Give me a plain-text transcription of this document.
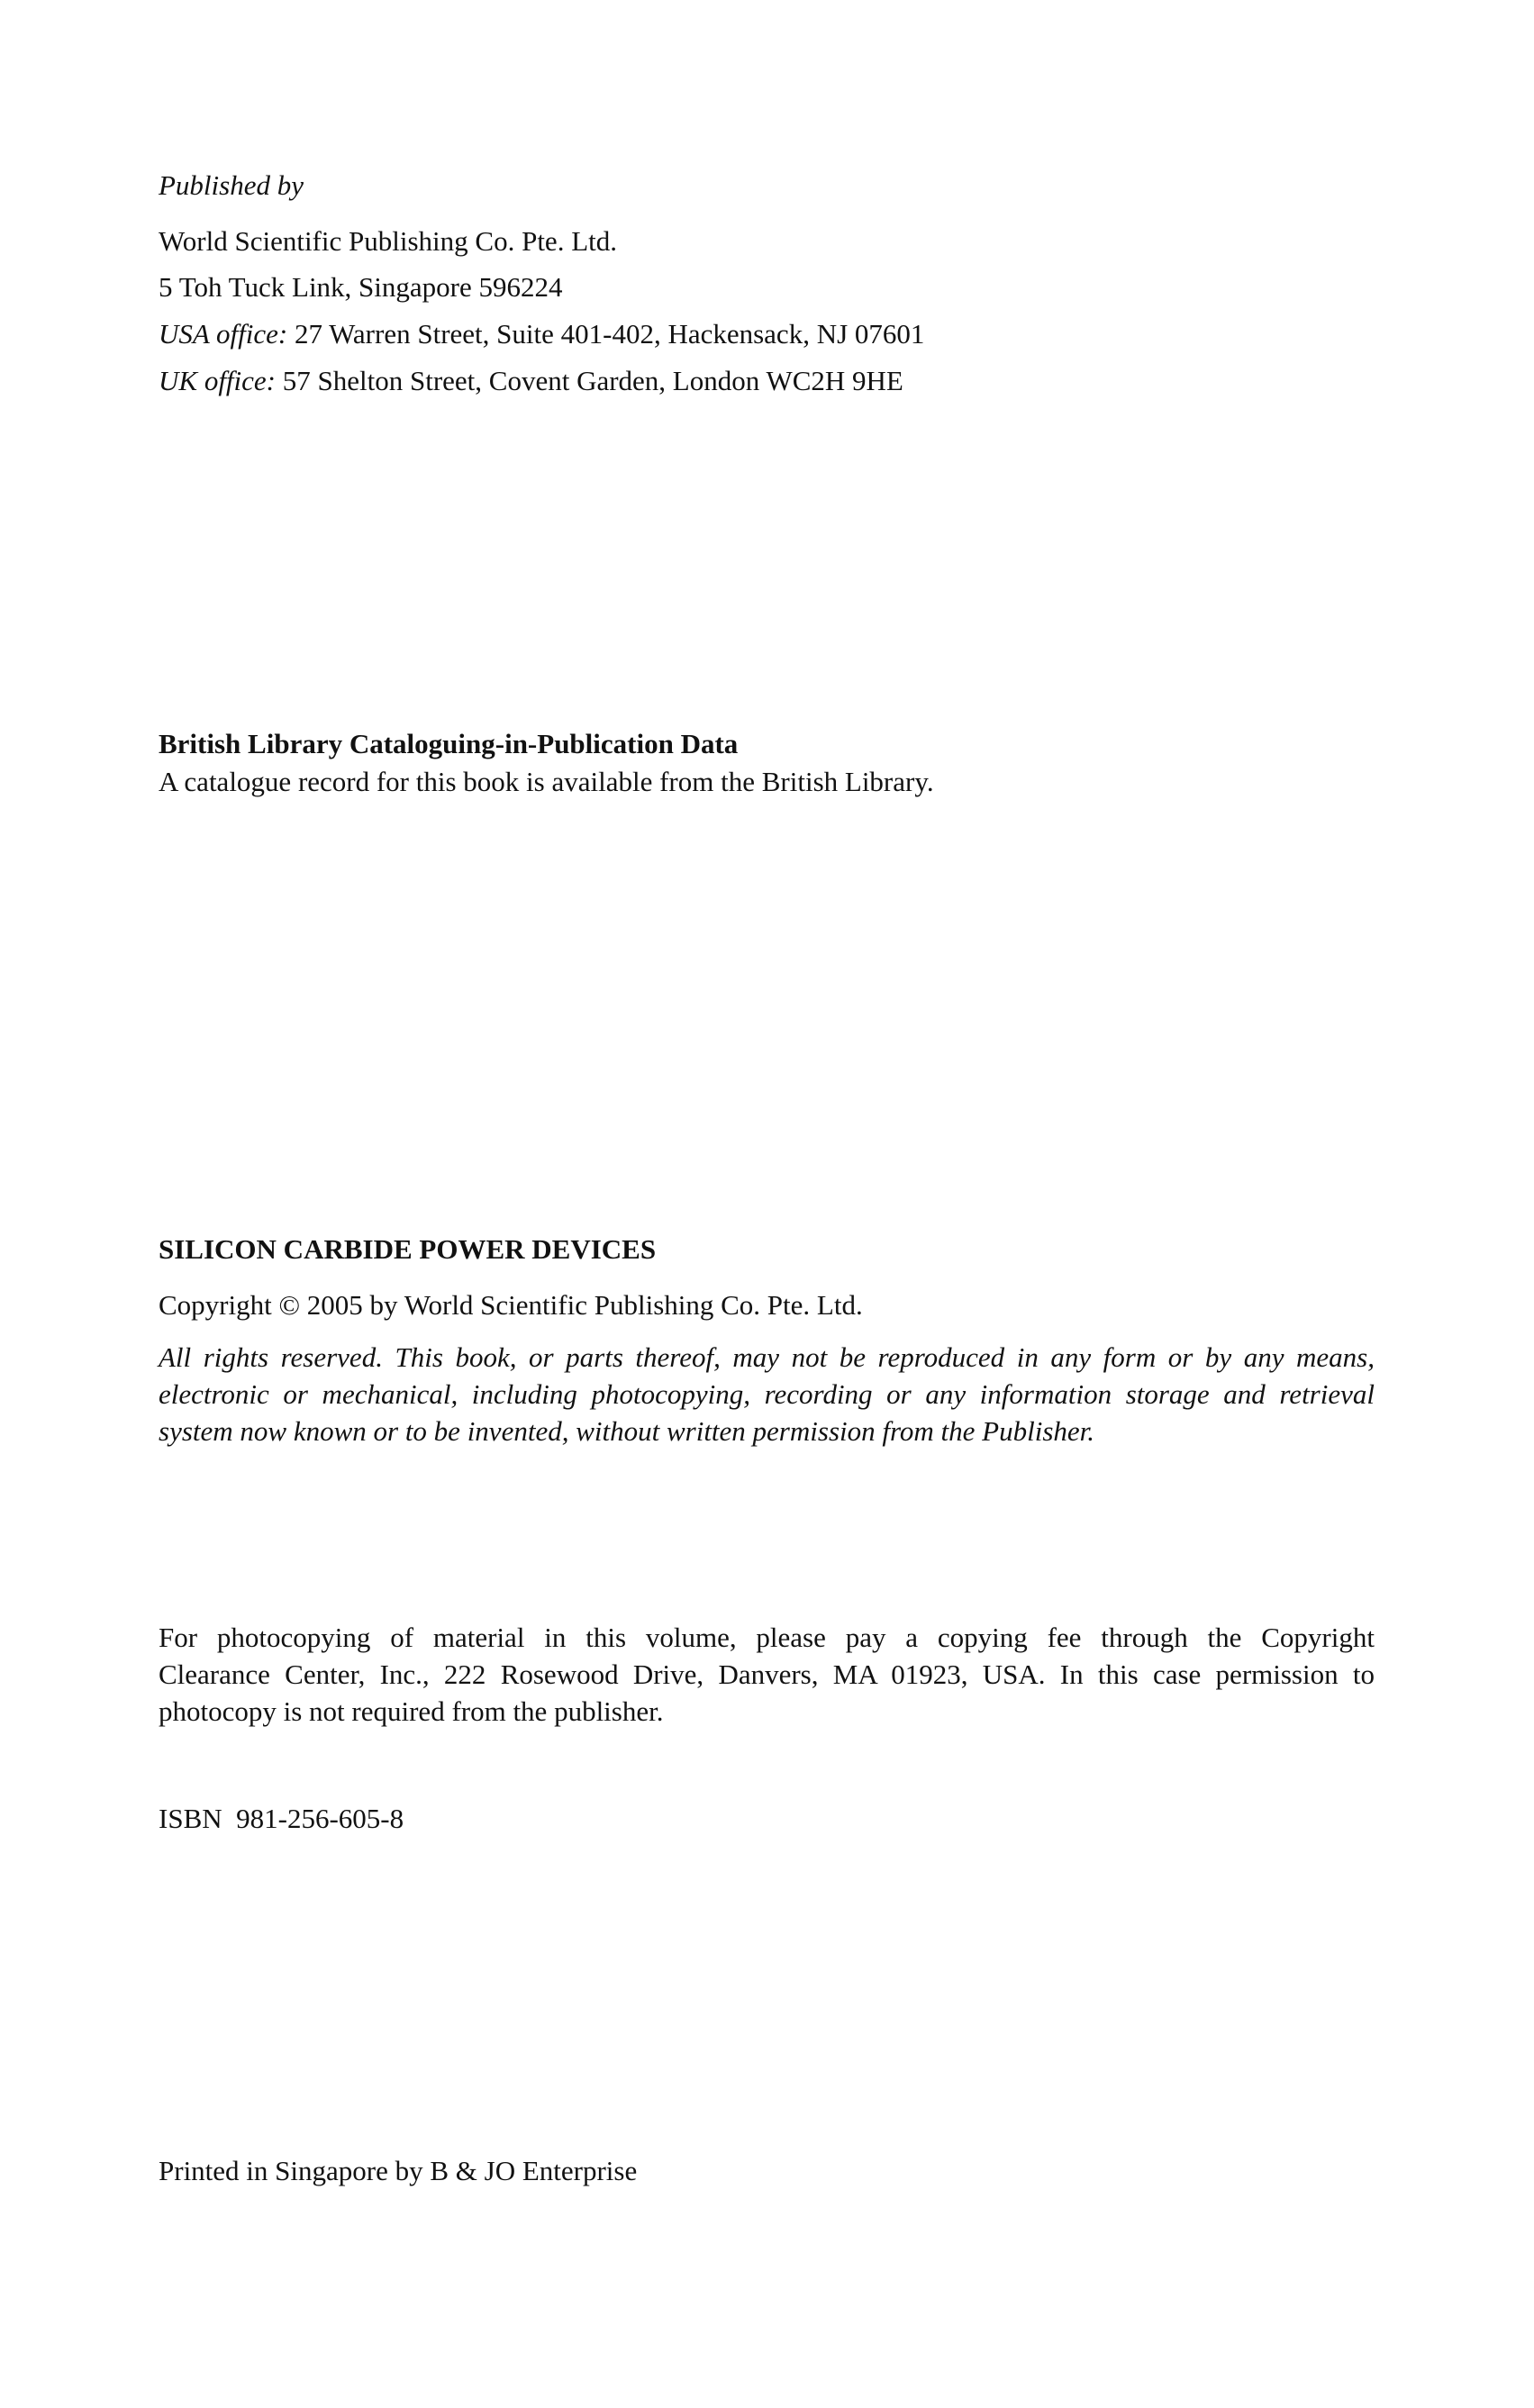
Published by
World Scientific Publishing Co. Pte. Ltd.
5 Toh Tuck Link, Singapore 596224
USA office: 27 Warren Street, Suite 401-402, Hackensack, NJ 07601
UK office: 57 Shelton Street, Covent Garden, London WC2H 9HE
British Library Cataloguing-in-Publication Data
A catalogue record for this book is available from the British Library.
SILICON CARBIDE POWER DEVICES
Copyright © 2005 by World Scientific Publishing Co. Pte. Ltd.
All rights reserved. This book, or parts thereof, may not be reproduced in any form or by any means,
electronic or mechanical, including photocopying, recording or any information storage and retrieval
system now known or to be invented, without written permission from the Publisher.
For photocopying of material in this volume, please pay a copying fee through the Copyright
Clearance Center, Inc., 222 Rosewood Drive, Danvers, MA 01923, USA. In this case permission to
photocopy is not required from the publisher.
ISBN  981-256-605-8
Printed in Singapore by B & JO Enterprise
